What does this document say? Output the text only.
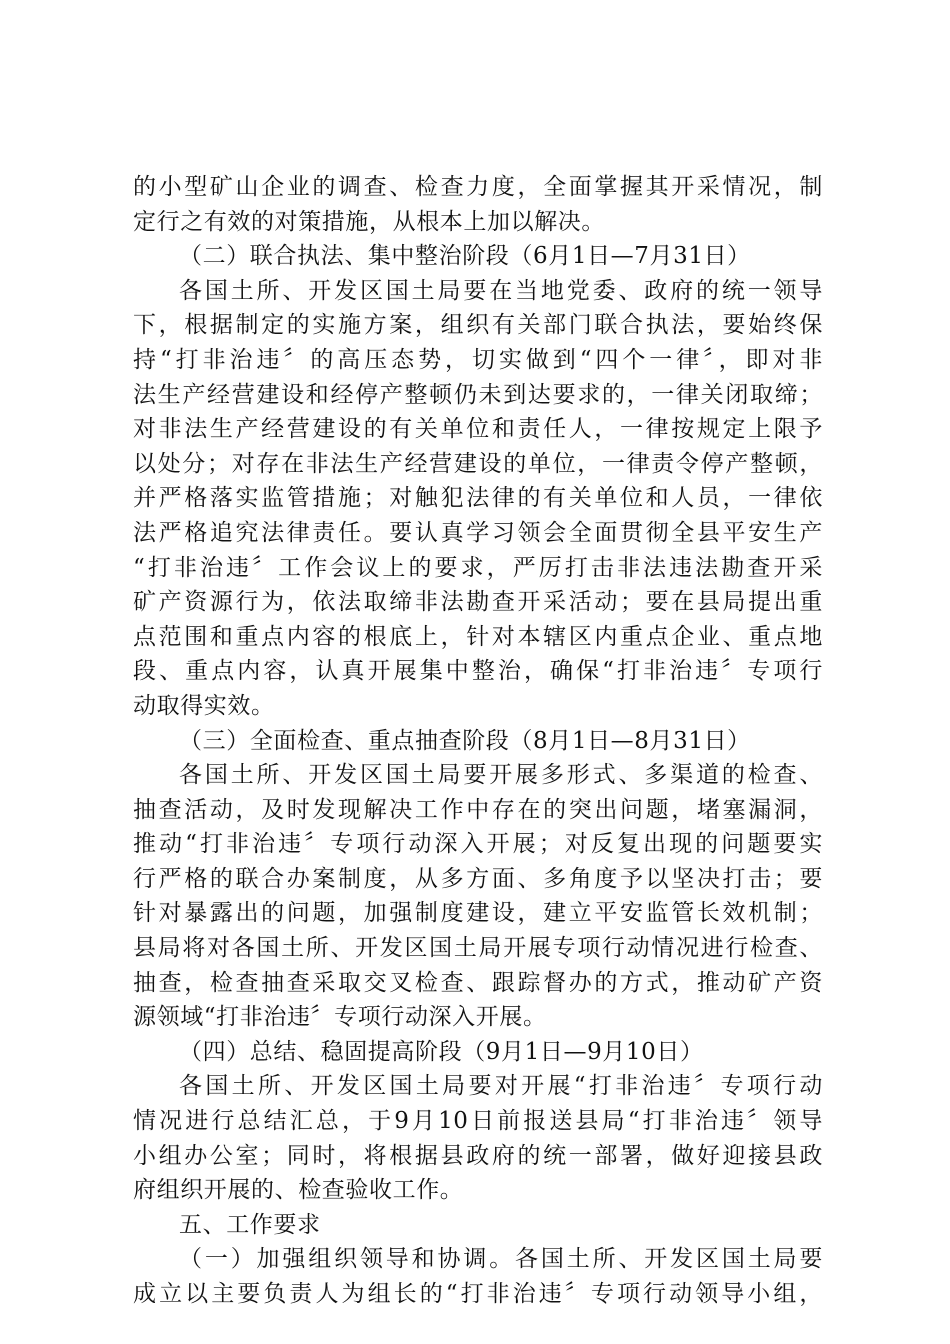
的小型矿山企业的调查、检查力度，全面掌握其开采情况，制
定行之有效的对策措施，从根本上加以解决。
（二）联合执法、集中整治阶段（6月1日—7月31日）
各国土所、开发区国土局要在当地党委、政府的统一领导
下，根据制定的实施方案，组织有关部门联合执法，要始终保
持“打非治违〞的高压态势，切实做到“四个一律〞，即对非
法生产经营建设和经停产整顿仍未到达要求的，一律关闭取缔；
对非法生产经营建设的有关单位和责任人，一律按规定上限予
以处分；对存在非法生产经营建设的单位，一律责令停产整顿，
并严格落实监管措施；对触犯法律的有关单位和人员，一律依
法严格追究法律责任。要认真学习领会全面贯彻全县平安生产
“打非治违〞工作会议上的要求，严厉打击非法违法勘查开采
矿产资源行为，依法取缔非法勘查开采活动；要在县局提出重
点范围和重点内容的根底上，针对本辖区内重点企业、重点地
段、重点内容，认真开展集中整治，确保“打非治违〞专项行
动取得实效。
（三）全面检查、重点抽查阶段（8月1日—8月31日）
各国土所、开发区国土局要开展多形式、多渠道的检查、
抽查活动，及时发现解决工作中存在的突出问题，堵塞漏洞，
推动“打非治违〞专项行动深入开展；对反复出现的问题要实
行严格的联合办案制度，从多方面、多角度予以坚决打击；要
针对暴露出的问题，加强制度建设，建立平安监管长效机制；
县局将对各国土所、开发区国土局开展专项行动情况进行检查、
抽查，检查抽查采取交叉检查、跟踪督办的方式，推动矿产资
源领域“打非治违〞专项行动深入开展。
（四）总结、稳固提高阶段（9月1日—9月10日）
各国土所、开发区国土局要对开展“打非治违〞专项行动
情况进行总结汇总，于9月10日前报送县局“打非治违〞领导
小组办公室；同时，将根据县政府的统一部署，做好迎接县政
府组织开展的、检查验收工作。
五、工作要求
（一）加强组织领导和协调。各国土所、开发区国土局要
成立以主要负责人为组长的“打非治违〞专项行动领导小组，
